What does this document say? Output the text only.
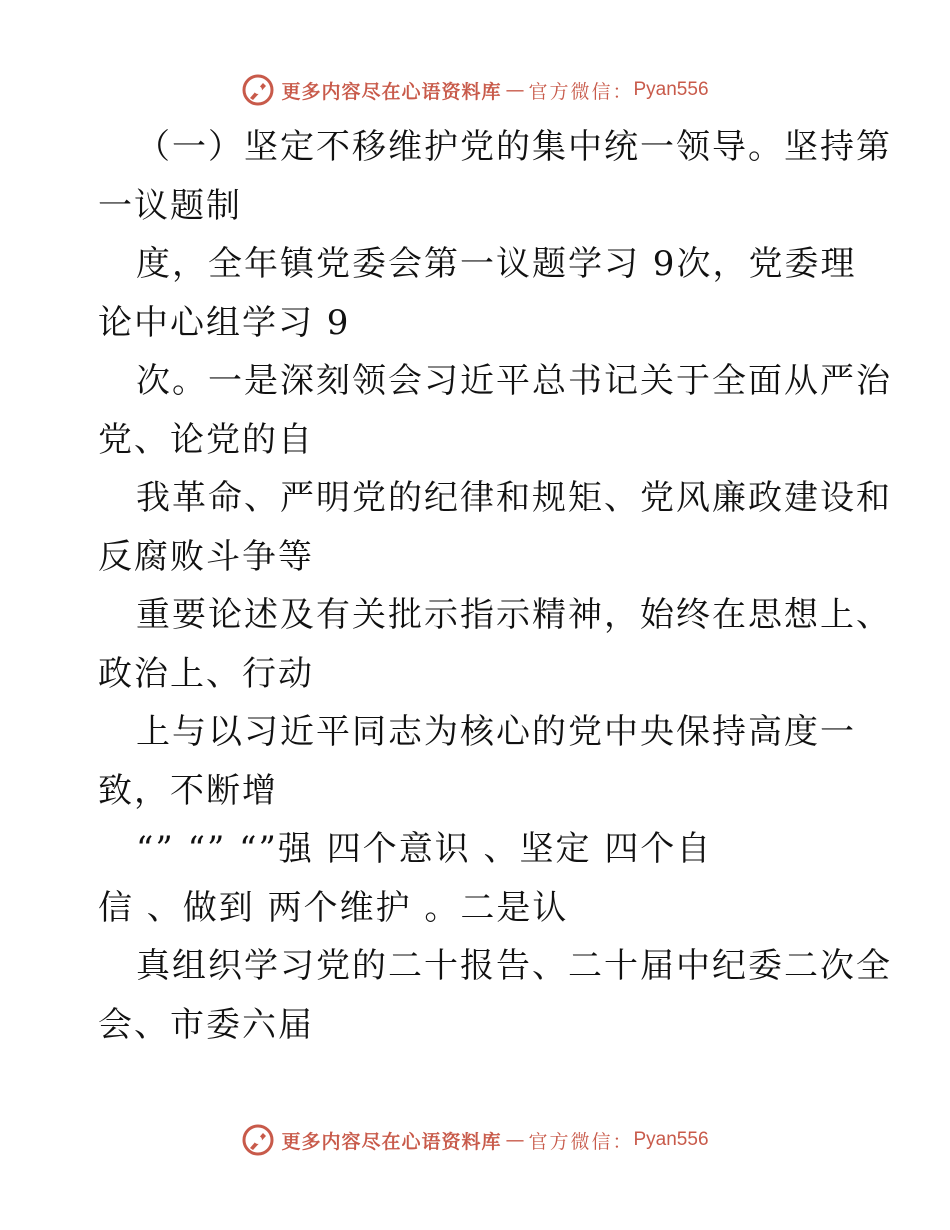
更多内容尽在心语资料库 — 官方微信： Pyan556
（一）坚定不移维护党的集中统一领导。坚持第
一议题制
度，全年镇党委会第一议题学习 9次，党委理
论中心组学习 9
次。一是深刻领会习近平总书记关于全面从严治
党、论党的自
我革命、严明党的纪律和规矩、党风廉政建设和
反腐败斗争等
重要论述及有关批示指示精神，始终在思想上、
政治上、行动
上与以习近平同志为核心的党中央保持高度一
致，不断增
“” “” “”强 四个意识 、坚定 四个自
信 、做到 两个维护 。二是认
真组织学习党的二十报告、二十届中纪委二次全
会、市委六届
更多内容尽在心语资料库 — 官方微信： Pyan556
